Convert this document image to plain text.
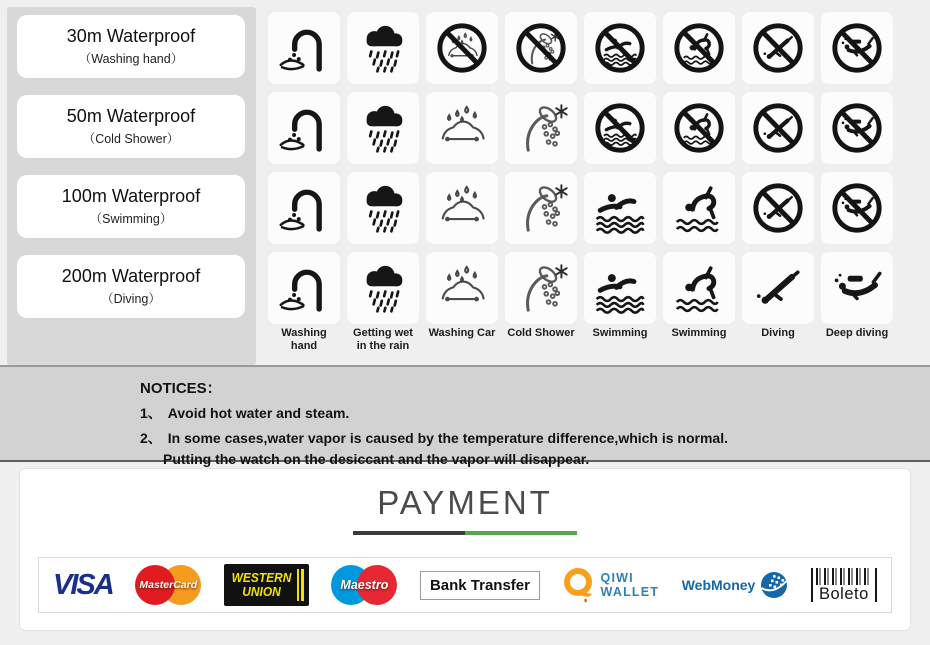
30m Waterproof
（Washing hand）
50m Waterproof
（Cold Shower）
100m Waterproof
（Swimming）
200m Waterproof
（Diving）
Washing hand
Getting wet in the rain
Washing Car Cold Shower	Swimming	Swimming	Diving	Deep diving
NOTICES：
1、 Avoid hot water and steam.
2、 In some cases,water vapor is caused by the temperature difference,which is normal.
Putting the watch on the desiccant and the vapor will disappear.
PAYMENT
VISA	MasterCard	WESTERN
UNION	Maestro	Bank Transfer	QIWI
WALLET WebMoney	Boleto
